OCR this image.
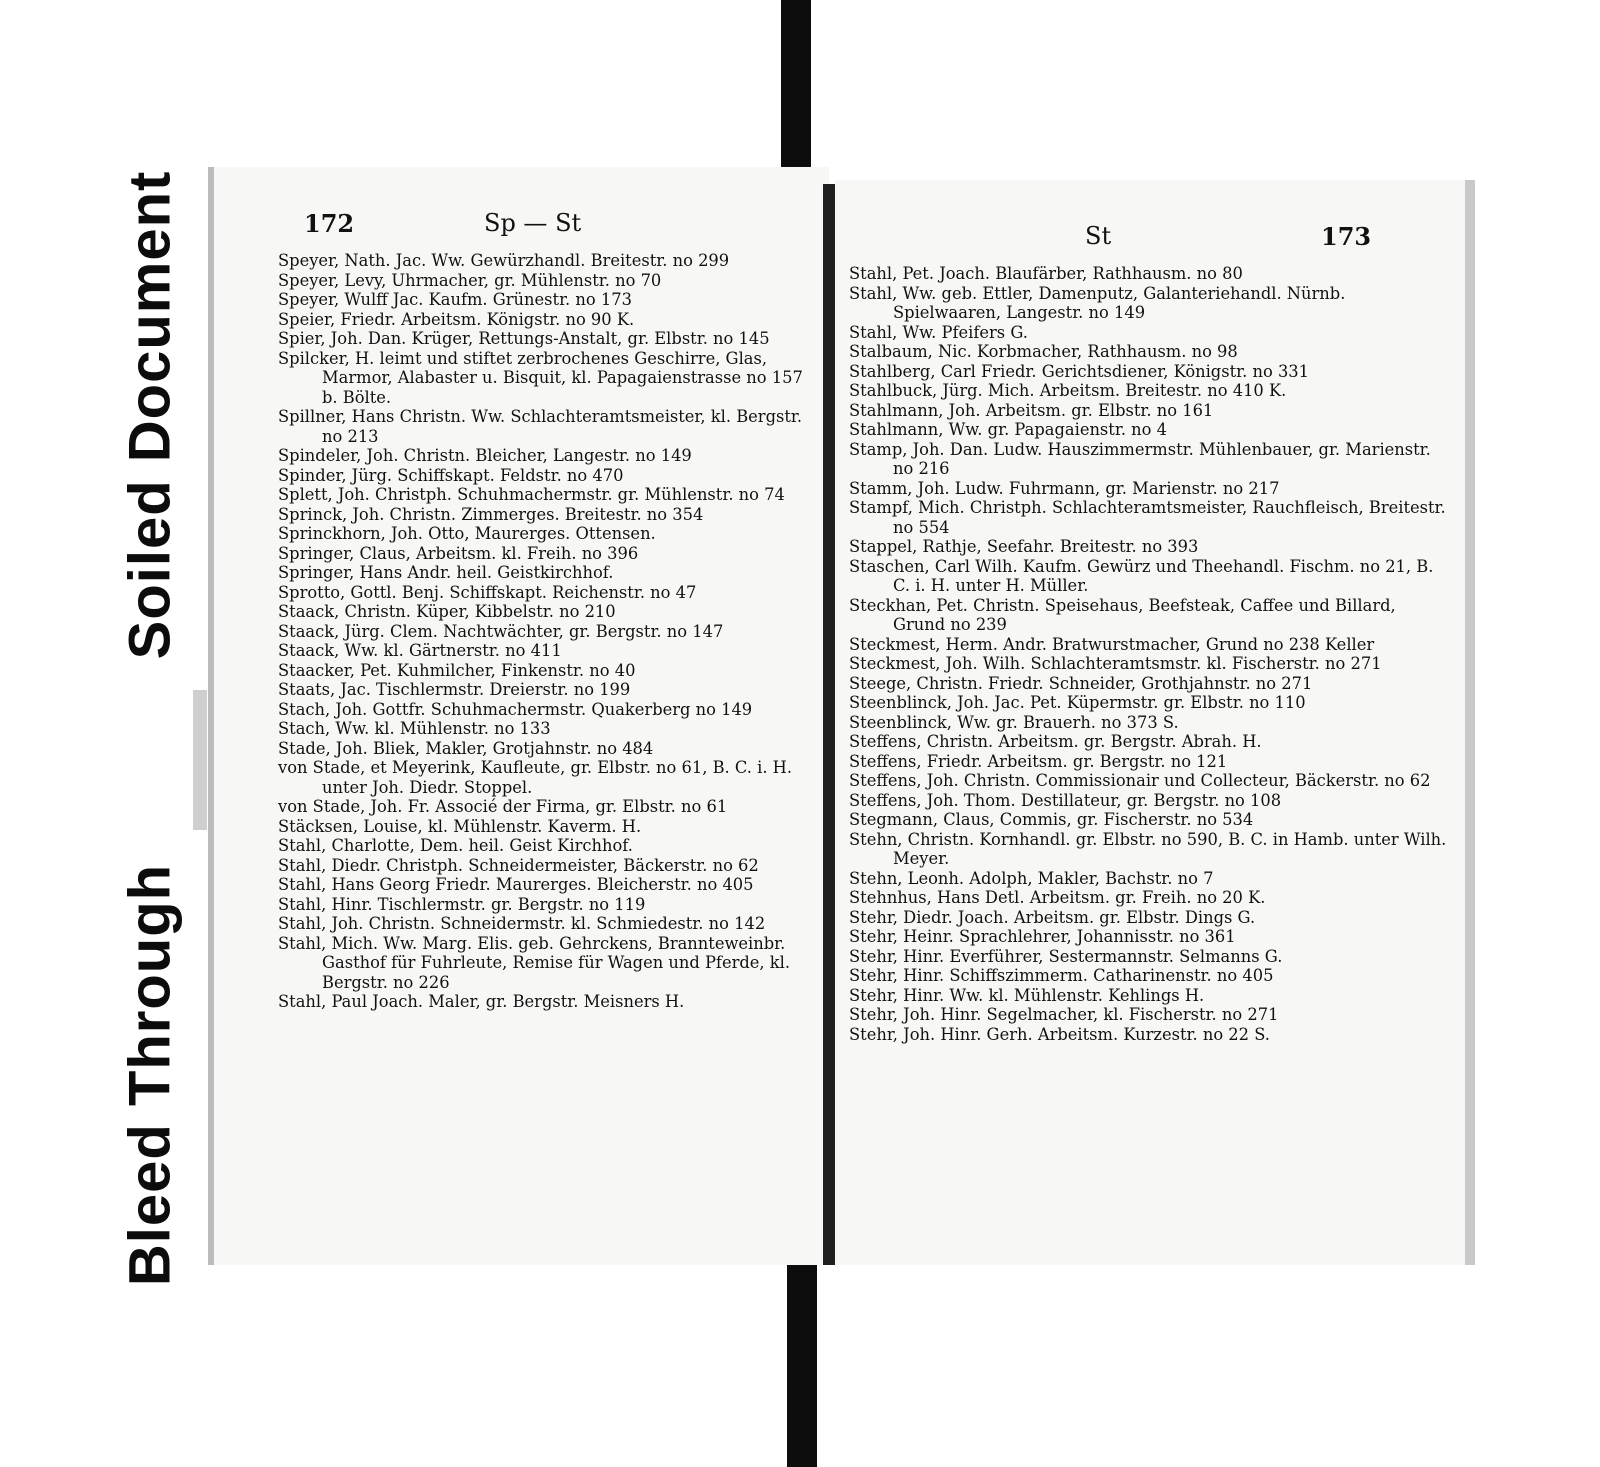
Soiled Document
Bleed Through
172	Sp — St
Speyer, Nath. Jac. Ww. Gewürzhandl. Breitestr. no 299
Speyer, Levy, Uhrmacher, gr. Mühlenstr. no 70
Speyer, Wulff Jac. Kaufm. Grünestr. no 173
Speier, Friedr. Arbeitsm. Königstr. no 90 K.
Spier, Joh. Dan. Krüger, Rettungs-Anstalt, gr. Elbstr. no 145
Spilcker, H. leimt und stiftet zerbrochenes Geschirre, Glas, Marmor, Alabaster u. Bisquit, kl. Papagaienstrasse no 157 b. Bölte.
Spillner, Hans Christn. Ww. Schlachteramtsmeister, kl. Bergstr. no 213
Spindeler, Joh. Christn. Bleicher, Langestr. no 149
Spinder, Jürg. Schiffskapt. Feldstr. no 470
Splett, Joh. Christph. Schuhmachermstr. gr. Mühlenstr. no 74
Sprinck, Joh. Christn. Zimmerges. Breitestr. no 354
Sprinckhorn, Joh. Otto, Maurerges. Ottensen.
Springer, Claus, Arbeitsm. kl. Freih. no 396
Springer, Hans Andr. heil. Geistkirchhof.
Sprotto, Gottl. Benj. Schiffskapt. Reichenstr. no 47
Staack, Christn. Küper, Kibbelstr. no 210
Staack, Jürg. Clem. Nachtwächter, gr. Bergstr. no 147
Staack, Ww. kl. Gärtnerstr. no 411
Staacker, Pet. Kuhmilcher, Finkenstr. no 40
Staats, Jac. Tischlermstr. Dreierstr. no 199
Stach, Joh. Gottfr. Schuhmachermstr. Quakerberg no 149
Stach, Ww. kl. Mühlenstr. no 133
Stade, Joh. Bliek, Makler, Grotjahnstr. no 484
von Stade, et Meyerink, Kaufleute, gr. Elbstr. no 61, B. C. i. H. unter Joh. Diedr. Stoppel.
von Stade, Joh. Fr. Associé der Firma, gr. Elbstr. no 61
Stäcksen, Louise, kl. Mühlenstr. Kaverm. H.
Stahl, Charlotte, Dem. heil. Geist Kirchhof.
Stahl, Diedr. Christph. Schneidermeister, Bäckerstr. no 62
Stahl, Hans Georg Friedr. Maurerges. Bleicherstr. no 405
Stahl, Hinr. Tischlermstr. gr. Bergstr. no 119
Stahl, Joh. Christn. Schneidermstr. kl. Schmiedestr. no 142
Stahl, Mich. Ww. Marg. Elis. geb. Gehrckens, Brannteweinbr. Gasthof für Fuhrleute, Remise für Wagen und Pferde, kl. Bergstr. no 226
Stahl, Paul Joach. Maler, gr. Bergstr. Meisners H.
St	173
Stahl, Pet. Joach. Blaufärber, Rathhausm. no 80
Stahl, Ww. geb. Ettler, Damenputz, Galanteriehandl. Nürnb. Spielwaaren, Langestr. no 149
Stahl, Ww. Pfeifers G.
Stalbaum, Nic. Korbmacher, Rathhausm. no 98
Stahlberg, Carl Friedr. Gerichtsdiener, Königstr. no 331
Stahlbuck, Jürg. Mich. Arbeitsm. Breitestr. no 410 K.
Stahlmann, Joh. Arbeitsm. gr. Elbstr. no 161
Stahlmann, Ww. gr. Papagaienstr. no 4
Stamp, Joh. Dan. Ludw. Hauszimmermstr. Mühlenbauer, gr. Marienstr. no 216
Stamm, Joh. Ludw. Fuhrmann, gr. Marienstr. no 217
Stampf, Mich. Christph. Schlachteramtsmeister, Rauchfleisch, Breitestr. no 554
Stappel, Rathje, Seefahr. Breitestr. no 393
Staschen, Carl Wilh. Kaufm. Gewürz und Theehandl. Fischm. no 21, B. C. i. H. unter H. Müller.
Steckhan, Pet. Christn. Speisehaus, Beefsteak, Caffee und Billard, Grund no 239
Steckmest, Herm. Andr. Bratwurstmacher, Grund no 238 Keller
Steckmest, Joh. Wilh. Schlachteramtsmstr. kl. Fischerstr. no 271
Steege, Christn. Friedr. Schneider, Grothjahnstr. no 271
Steenblinck, Joh. Jac. Pet. Küpermstr. gr. Elbstr. no 110
Steenblinck, Ww. gr. Brauerh. no 373 S.
Steffens, Christn. Arbeitsm. gr. Bergstr. Abrah. H.
Steffens, Friedr. Arbeitsm. gr. Bergstr. no 121
Steffens, Joh. Christn. Commissionair und Collecteur, Bäckerstr. no 62
Steffens, Joh. Thom. Destillateur, gr. Bergstr. no 108
Stegmann, Claus, Commis, gr. Fischerstr. no 534
Stehn, Christn. Kornhandl. gr. Elbstr. no 590, B. C. in Hamb. unter Wilh. Meyer.
Stehn, Leonh. Adolph, Makler, Bachstr. no 7
Stehnhus, Hans Detl. Arbeitsm. gr. Freih. no 20 K.
Stehr, Diedr. Joach. Arbeitsm. gr. Elbstr. Dings G.
Stehr, Heinr. Sprachlehrer, Johannisstr. no 361
Stehr, Hinr. Everführer, Sestermannstr. Selmanns G.
Stehr, Hinr. Schiffszimmerm. Catharinenstr. no 405
Stehr, Hinr. Ww. kl. Mühlenstr. Kehlings H.
Stehr, Joh. Hinr. Segelmacher, kl. Fischerstr. no 271
Stehr, Joh. Hinr. Gerh. Arbeitsm. Kurzestr. no 22 S.
